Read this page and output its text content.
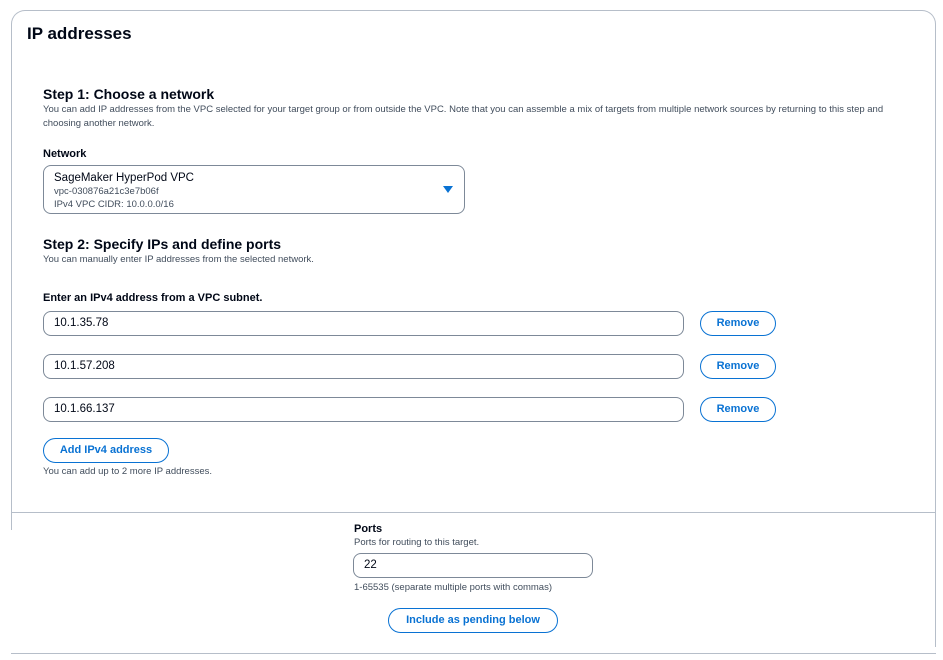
IP addresses
Step 1: Choose a network
You can add IP addresses from the VPC selected for your target group or from outside the VPC. Note that you can assemble a mix of targets from multiple network sources by returning to this step and choosing another network.
Network
SageMaker HyperPod VPC
vpc-030876a21c3e7b06f
IPv4 VPC CIDR: 10.0.0.0/16
Step 2: Specify IPs and define ports
You can manually enter IP addresses from the selected network.
Enter an IPv4 address from a VPC subnet.
10.1.35.78	Remove
10.1.57.208	Remove
10.1.66.137	Remove
Add IPv4 address
You can add up to 2 more IP addresses.
Ports
Ports for routing to this target.
22
1-65535 (separate multiple ports with commas)
Include as pending below
